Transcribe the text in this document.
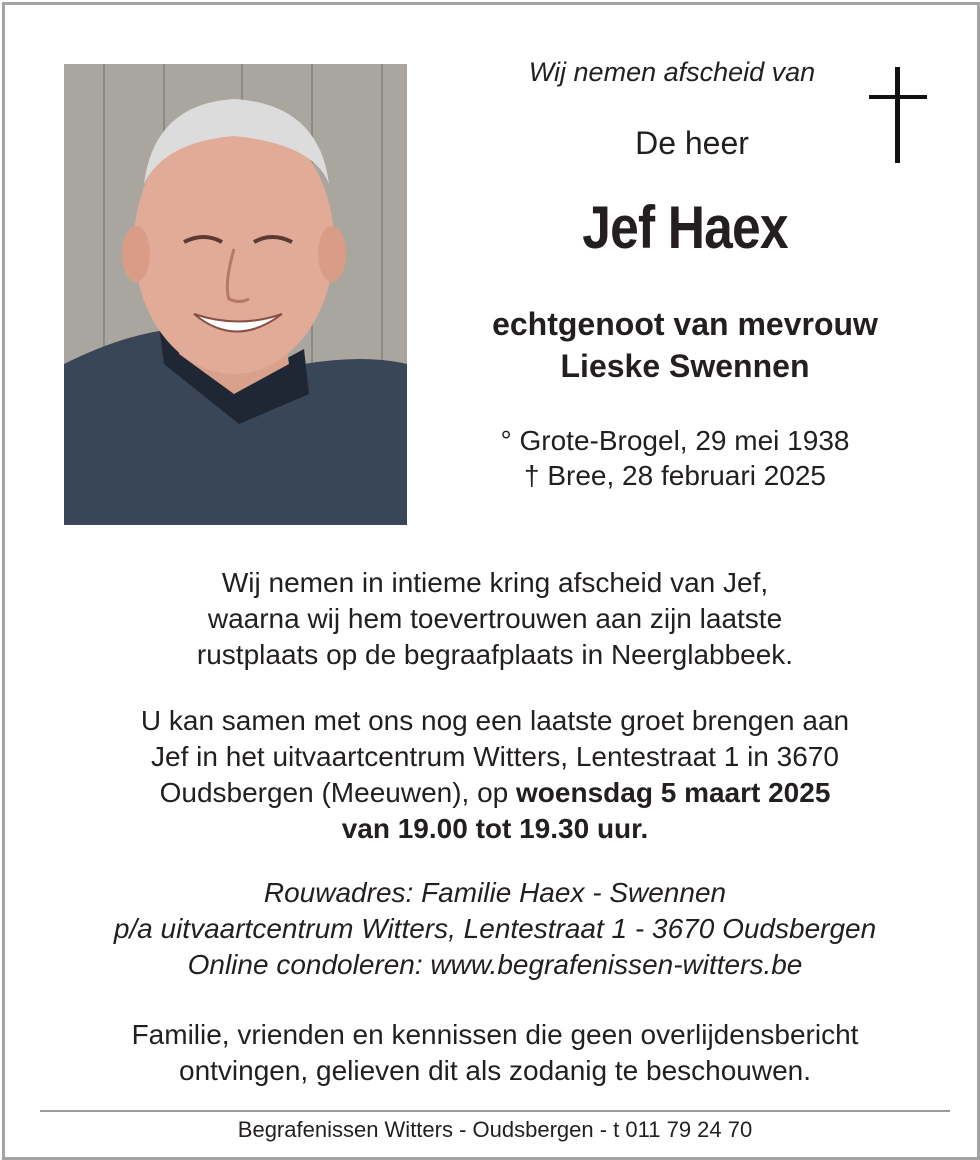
Wij nemen afscheid van
De heer
Jef Haex
echtgenoot van mevrouw
Lieske Swennen
° Grote-Brogel, 29 mei 1938
† Bree, 28 februari 2025
Wij nemen in intieme kring afscheid van Jef,
waarna wij hem toevertrouwen aan zijn laatste
rustplaats op de begraafplaats in Neerglabbeek.
U kan samen met ons nog een laatste groet brengen aan
Jef in het uitvaartcentrum Witters, Lentestraat 1 in 3670
Oudsbergen (Meeuwen), op woensdag 5 maart 2025
van 19.00 tot 19.30 uur.
Rouwadres: Familie Haex - Swennen
p/a uitvaartcentrum Witters, Lentestraat 1 - 3670 Oudsbergen
Online condoleren: www.begrafenissen-witters.be
Familie, vrienden en kennissen die geen overlijdensbericht
ontvingen, gelieven dit als zodanig te beschouwen.
Begrafenissen Witters - Oudsbergen - t 011 79 24 70
